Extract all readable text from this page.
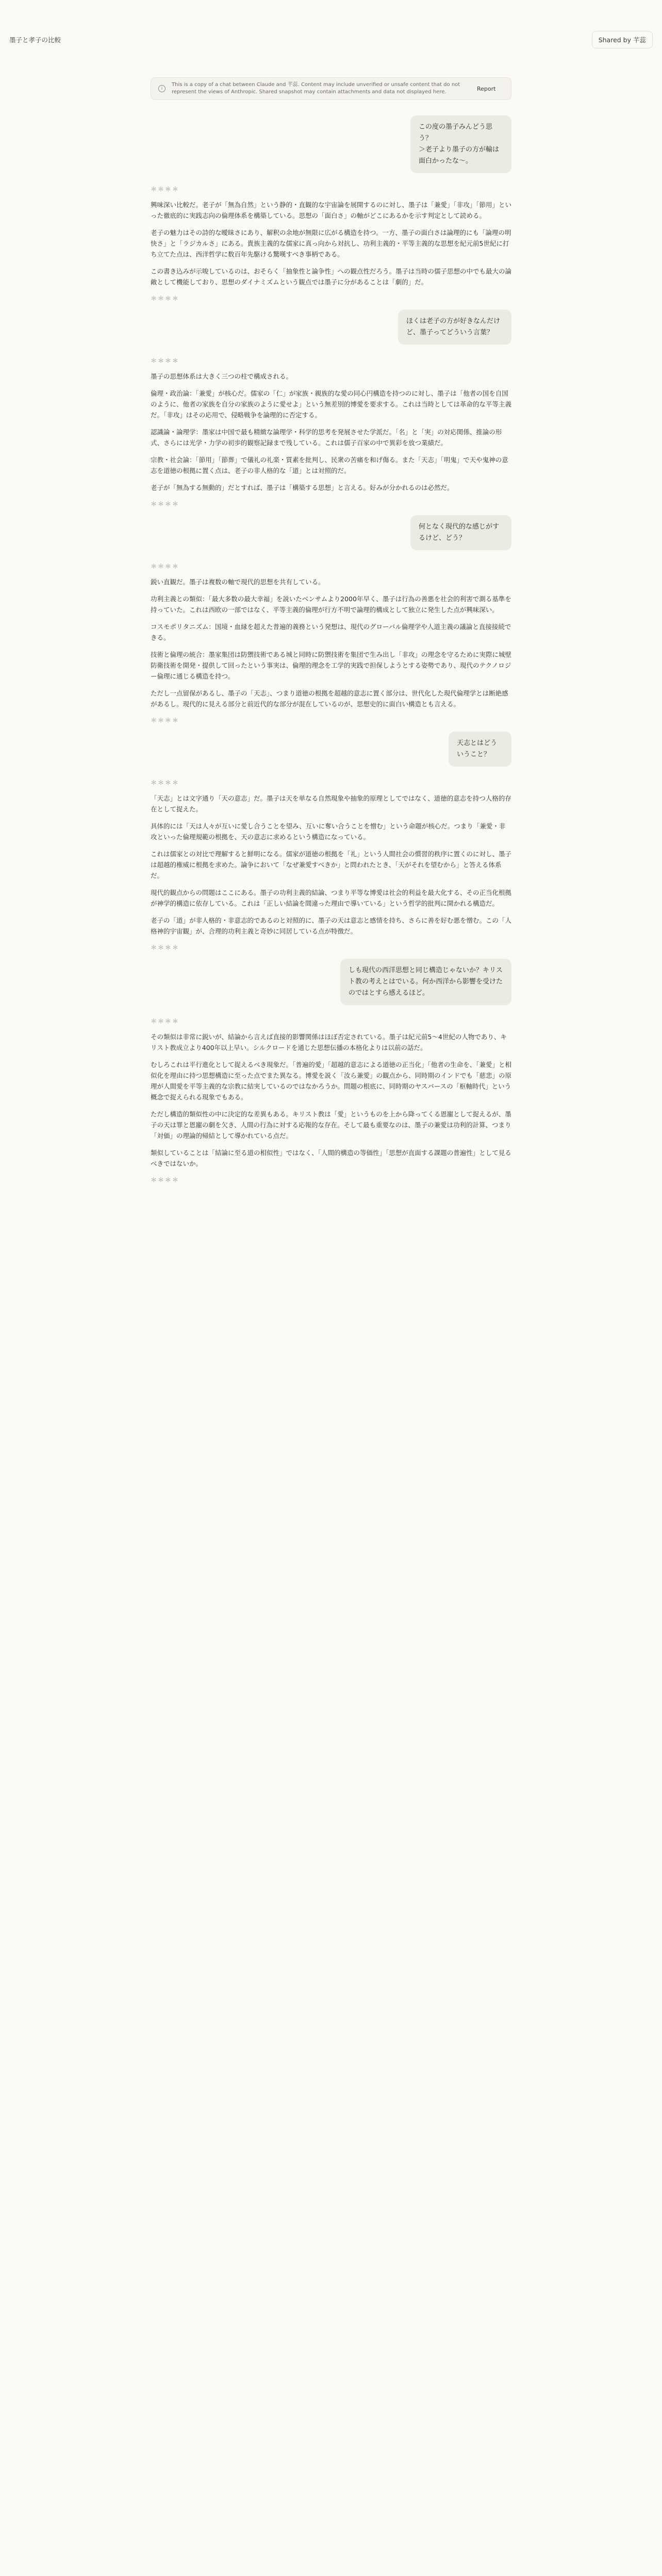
墨子と孝子の比較	Shared by 芊蕊
i
This is a copy of a chat between Claude and 芊蕊. Content may include unverified or unsafe content that do not represent the views of Anthropic. Shared snapshot may contain attachments and data not displayed here.	Report
この度の墨子みんどう思う？
＞老子より墨子の方が輸は面白かったな～。
＊＊＊＊

興味深い比較だ。老子が「無為自然」という静的・直観的な宇宙論を展開するのに対し、墨子は「兼愛」「非攻」「節用」といった徹底的に実践志向の倫理体系を構築している。思想の「面白さ」の軸がどこにあるかを示す判定として読める。

老子の魅力はその詩的な曖昧さにあり、解釈の余地が無限に広がる構造を持つ。一方、墨子の面白さは論理的にも「論理の明快さ」と「ラジカルさ」にある。貴族主義的な儒家に真っ向から対抗し、功利主義的・平等主義的な思想を紀元前5世紀に打ち立てた点は、西洋哲学に数百年先駆ける驚嘆すべき事柄である。

この書き込みが示唆しているのは、おそらく「抽象性と論争性」への観点性だろう。墨子は当時の儒子思想の中でも最大の論敵として機能しており、思想のダイナミズムという観点では墨子に分があることは「劇的」だ。

＊＊＊＊
ほくは老子の方が好きなんだけど、墨子ってどういう言葉？
＊＊＊＊

墨子の思想体系は大きく三つの柱で構成される。

倫理・政治論：「兼愛」が核心だ。儒家の「仁」が家族・親族的な愛の同心円構造を持つのに対し、墨子は「他者の国を自国のように、他者の家族を自分の家族のように愛せよ」という無差別的博愛を要求する。これは当時としては革命的な平等主義だ。「非攻」はその応用で、侵略戦争を論理的に否定する。

認識論・論理学：墨家は中国で最も精緻な論理学・科学的思考を発展させた学派だ。「名」と「実」の対応関係、推論の形式、さらには光学・力学の初歩的観察記録まで残している。これは儒子百家の中で異彩を放つ業績だ。

宗教・社会論：「節用」「節葬」で儀礼の礼楽・質素を批判し、民衆の苦痛を和げ傷る。また「天志」「明鬼」で天や鬼神の意志を道徳の根拠に置く点は、老子の非人格的な「道」とは対照的だ。

老子が「無為する無動的」だとすれば、墨子は「構築する思想」と言える。好みが分かれるのは必然だ。

＊＊＊＊
何となく現代的な感じがするけど、どう？
＊＊＊＊

鋭い直観だ。墨子は複数の軸で現代的思想を共有している。

功利主義との類似：「最大多数の最大幸福」を説いたベンサムより2000年早く、墨子は行為の善悪を社会的利害で測る基準を持っていた。これは西欧の一部ではなく、平等主義的倫理が行方不明で論理的構成として独立に発生した点が興味深い。

コスモポリタニズム：国境・血縁を超えた普遍的義務という発想は、現代のグローバル倫理学や人道主義の議論と直接接続できる。

技術と倫理の統合：墨家集団は防禦技術である城と同時に防禦技術を集団で生み出し「非攻」の理念を守るために実際に城壁防衛技術を開発・提供して回ったという事実は、倫理的理念を工学的実践で担保しようとする姿勢であり、現代のテクノロジー倫理に通じる構造を持つ。

ただし一点留保があるし、墨子の「天志」、つまり道徳の根拠を超越的意志に置く部分は、世代化した現代倫理学とは断絶感があるし。現代的に見える部分と前近代的な部分が混在しているのが、思想史的に面白い構造とも言える。

＊＊＊＊
天志とはどういうこと？
＊＊＊＊

「天志」とは文字通り「天の意志」だ。墨子は天を単なる自然現象や抽象的原理としてではなく、道徳的意志を持つ人格的存在として捉えた。

具体的には「天は人々が互いに愛し合うことを望み、互いに奪い合うことを憎む」という命題が核心だ。つまり「兼愛・非攻といった倫理規範の根拠を、天の意志に求めるという構造になっている。

これは儒家との対比で理解すると鮮明になる。儒家が道徳の根拠を「礼」という人間社会の慣習的秩序に置くのに対し、墨子は超越的権威に根拠を求めた。論争において「なぜ兼愛すべきか」と問われたとき、「天がそれを望むから」と答える体系だ。

現代的観点からの問題はここにある。墨子の功利主義的結論、つまり平等な博愛は社会的利益を最大化する、その正当化根拠が神学的構造に依存している。これは「正しい結論を間違った理由で導いている」という哲学的批判に開かれる構造だ。

老子の「道」が非人格的・非意志的であるのと対照的に、墨子の天は意志と感情を持ち、さらに善を好む悪を憎む。この「人格神的宇宙観」が、合理的功利主義と奇妙に同居している点が特徴だ。

＊＊＊＊
しも現代の西洋思想と同じ構造じゃないか？キリスト教の考えとはでいる。何か西洋から影響を受けたのではとすら感えるほど。
＊＊＊＊

その類似は非常に鋭いが、結論から言えば直接的影響関係はほぼ否定されている。墨子は紀元前5〜4世紀の人物であり、キリスト教成立より400年以上早い。シルクロードを通じた思想伝播の本格化よりは以前の話だ。

むしろこれは平行進化として捉えるべき現象だ。「普遍的愛」「超越的意志による道徳の正当化」「他者の生命を、「兼愛」と相似化を理由に持つ思想構造に至った点でまた異なる。博愛を説く「汝ら兼愛」の観点から、同時期のインドでも「慈悲」の原理が人間愛を平等主義的な宗教に結実しているのではなかろうか。問題の根底に、同時期のヤスパースの「枢軸時代」という概念で捉えられる現象でもある。

ただし構造的類似性の中に決定的な差異もある。キリスト教は「愛」というものを上から降ってくる恩寵として捉えるが、墨子の天は罪と恩寵の劇を欠き、人間の行為に対する応報的な存在。そして最も重要なのは、墨子の兼愛は功利的計算、つまり「対価」の理論的帰結として導かれている点だ。

類似していることは「結論に至る道の相似性」ではなく、「人間的構造の等価性」「思想が直面する課題の普遍性」として見るべきではないか。

＊＊＊＊
